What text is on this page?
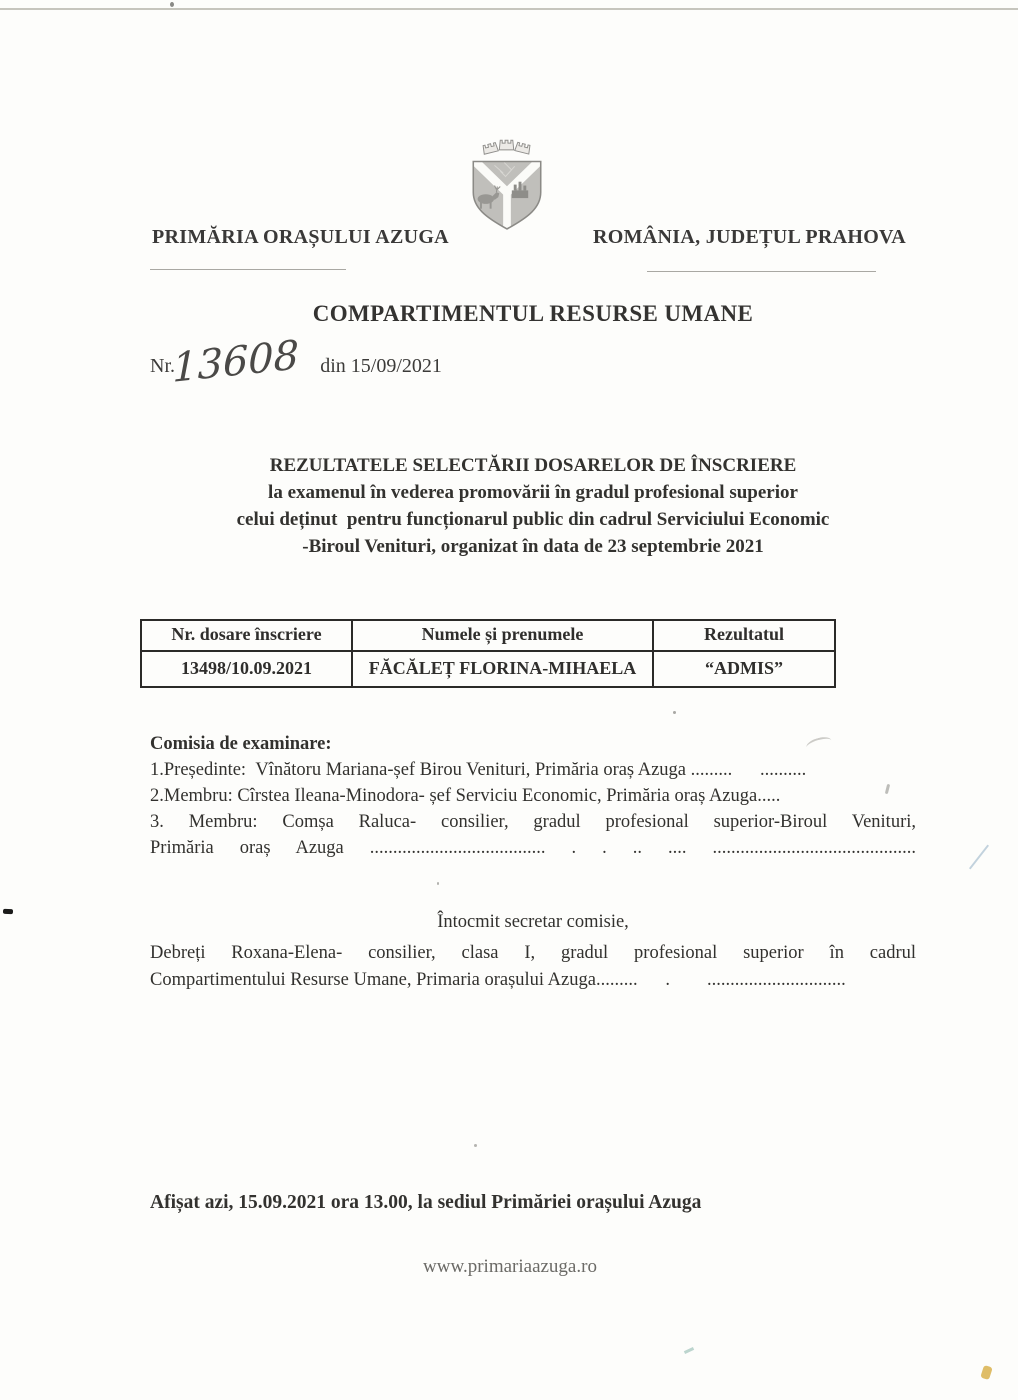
PRIMĂRIA ORAȘULUI AZUGA	ROMÂNIA, JUDEȚUL PRAHOVA
COMPARTIMENTUL RESURSE UMANE
Nr.13608 din 15/09/2021
REZULTATELE SELECTĂRII DOSARELOR DE ÎNSCRIERE
la examenul în vederea promovării în gradul profesional superior
celui deținut pentru funcționarul public din cadrul Serviciului Economic
-Biroul Venituri, organizat în data de 23 septembrie 2021
Nr. dosare înscriere	Numele și prenumele	Rezultatul
13498/10.09.2021	FĂCĂLEȚ FLORINA-MIHAELA	“ADMIS”
Comisia de examinare:
1.Președinte: Vînătoru Mariana-șef Birou Venituri, Primăria oraș Azuga .........   ..........
2.Membru: Cîrstea Ileana-Minodora- șef Serviciu Economic, Primăria oraș Azuga.....
3. Membru: Comșa Raluca- consilier, gradul profesional superior-Biroul Venituri,
Primăria oraș Azuga ...................................... . . .. .... ............................................
Întocmit secretar comisie,
Debreți Roxana-Elena- consilier, clasa I, gradul profesional superior în cadrul
Compartimentului Resurse Umane, Primaria orașului Azuga.........  .   ..............................
Afișat azi, 15.09.2021 ora 13.00, la sediul Primăriei orașului Azuga
www.primariaazuga.ro
